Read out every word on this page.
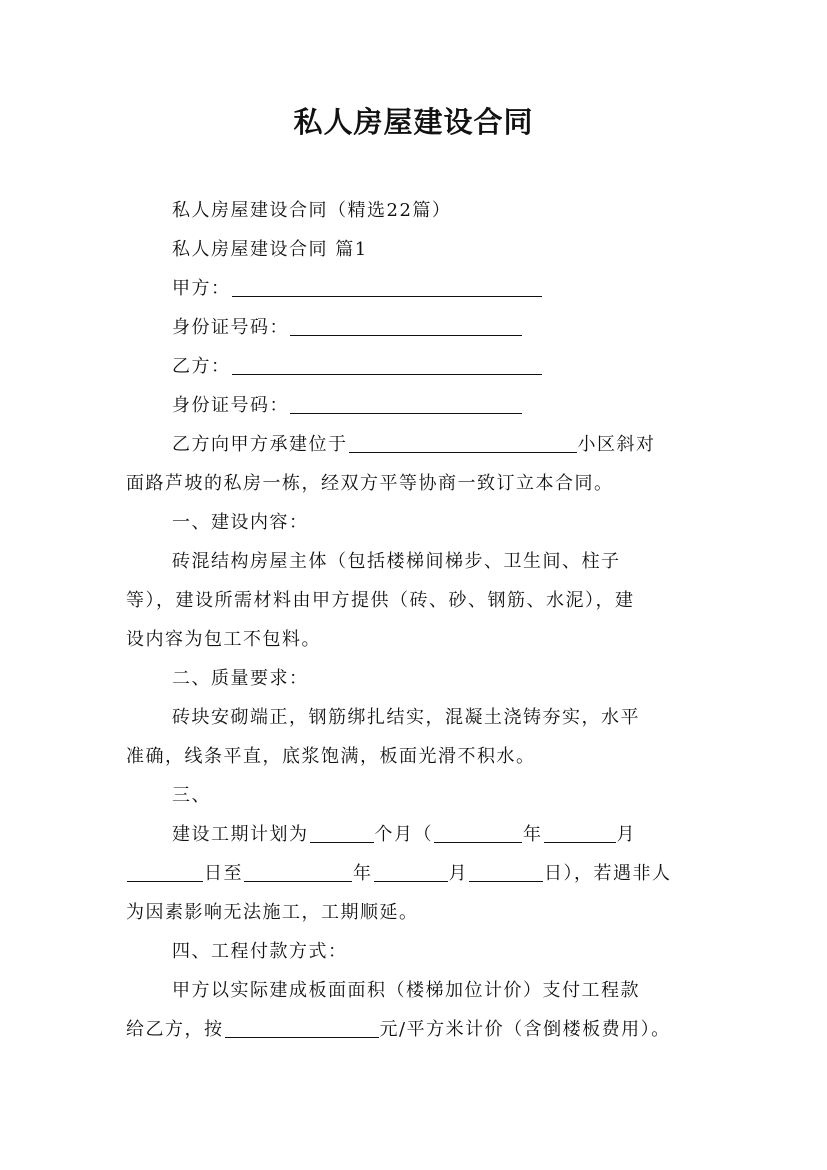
私人房屋建设合同
私人房屋建设合同（精选22篇）
私人房屋建设合同 篇1
甲方：
身份证号码：
乙方：
身份证号码：
乙方向甲方承建位于	小区斜对
面路芦坡的私房一栋，经双方平等协商一致订立本合同。
一、建设内容：
砖混结构房屋主体（包括楼梯间梯步、卫生间、柱子
等），建设所需材料由甲方提供（砖、砂、钢筋、水泥），建
设内容为包工不包料。
二、质量要求：
砖块安砌端正，钢筋绑扎结实，混凝土浇铸夯实，水平
准确，线条平直，底浆饱满，板面光滑不积水。
三、
建设工期计划为	个月（	年	月
日至	年	月	日），若遇非人
为因素影响无法施工，工期顺延。
四、工程付款方式：
甲方以实际建成板面面积（楼梯加位计价）支付工程款
给乙方，按	元/平方米计价（含倒楼板费用）。
